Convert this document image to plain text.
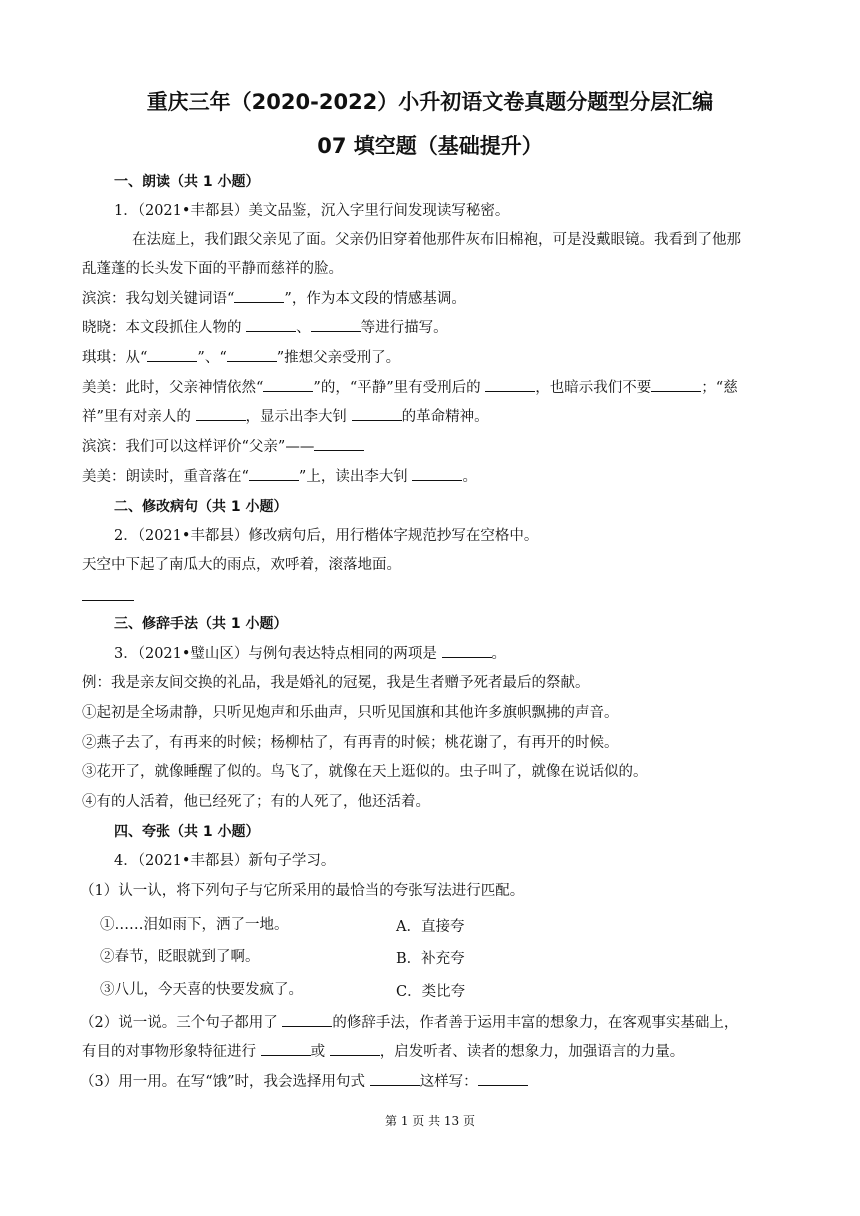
重庆三年（2020-2022）小升初语文卷真题分题型分层汇编
07 填空题（基础提升）
一、朗读（共 1 小题）
1．（2021•丰都县）美文品鉴，沉入字里行间发现读写秘密。
在法庭上，我们跟父亲见了面。父亲仍旧穿着他那件灰布旧棉袍，可是没戴眼镜。我看到了他那
乱蓬蓬的长头发下面的平静而慈祥的脸。
滨滨：我勾划关键词语“	”，作为本文段的情感基调。
晓晓：本文段抓住人物的	、	等进行描写。
琪琪：从“	”、“	”推想父亲受刑了。
美美：此时，父亲神情依然“	”的，“平静”里有受刑后的	，也暗示我们不要	；“慈
祥”里有对亲人的	，显示出李大钊	的革命精神。
滨滨：我们可以这样评价“父亲”——
美美：朗读时，重音落在“	”上，读出李大钊	。
二、修改病句（共 1 小题）
2．（2021•丰都县）修改病句后，用行楷体字规范抄写在空格中。
天空中下起了南瓜大的雨点，欢呼着，滚落地面。
三、修辞手法（共 1 小题）
3．（2021•璧山区）与例句表达特点相同的两项是	。
例：我是亲友间交换的礼品，我是婚礼的冠冕，我是生者赠予死者最后的祭献。
①起初是全场肃静，只听见炮声和乐曲声，只听见国旗和其他许多旗帜飘拂的声音。
②燕子去了，有再来的时候；杨柳枯了，有再青的时候；桃花谢了，有再开的时候。
③花开了，就像睡醒了似的。鸟飞了，就像在天上逛似的。虫子叫了，就像在说话似的。
④有的人活着，他已经死了；有的人死了，他还活着。
四、夸张（共 1 小题）
4．（2021•丰都县）新句子学习。
（1）认一认，将下列句子与它所采用的最恰当的夸张写法进行匹配。
①……泪如雨下，洒了一地。	A．直接夸
②春节，眨眼就到了啊。	B．补充夸
③八儿，今天喜的快要发疯了。	C．类比夸
（2）说一说。三个句子都用了	的修辞手法，作者善于运用丰富的想象力，在客观事实基础上，
有目的对事物形象特征进行	或	，启发听者、读者的想象力，加强语言的力量。
（3）用一用。在写“饿”时，我会选择用句式	这样写：
第 1 页 共 13 页
